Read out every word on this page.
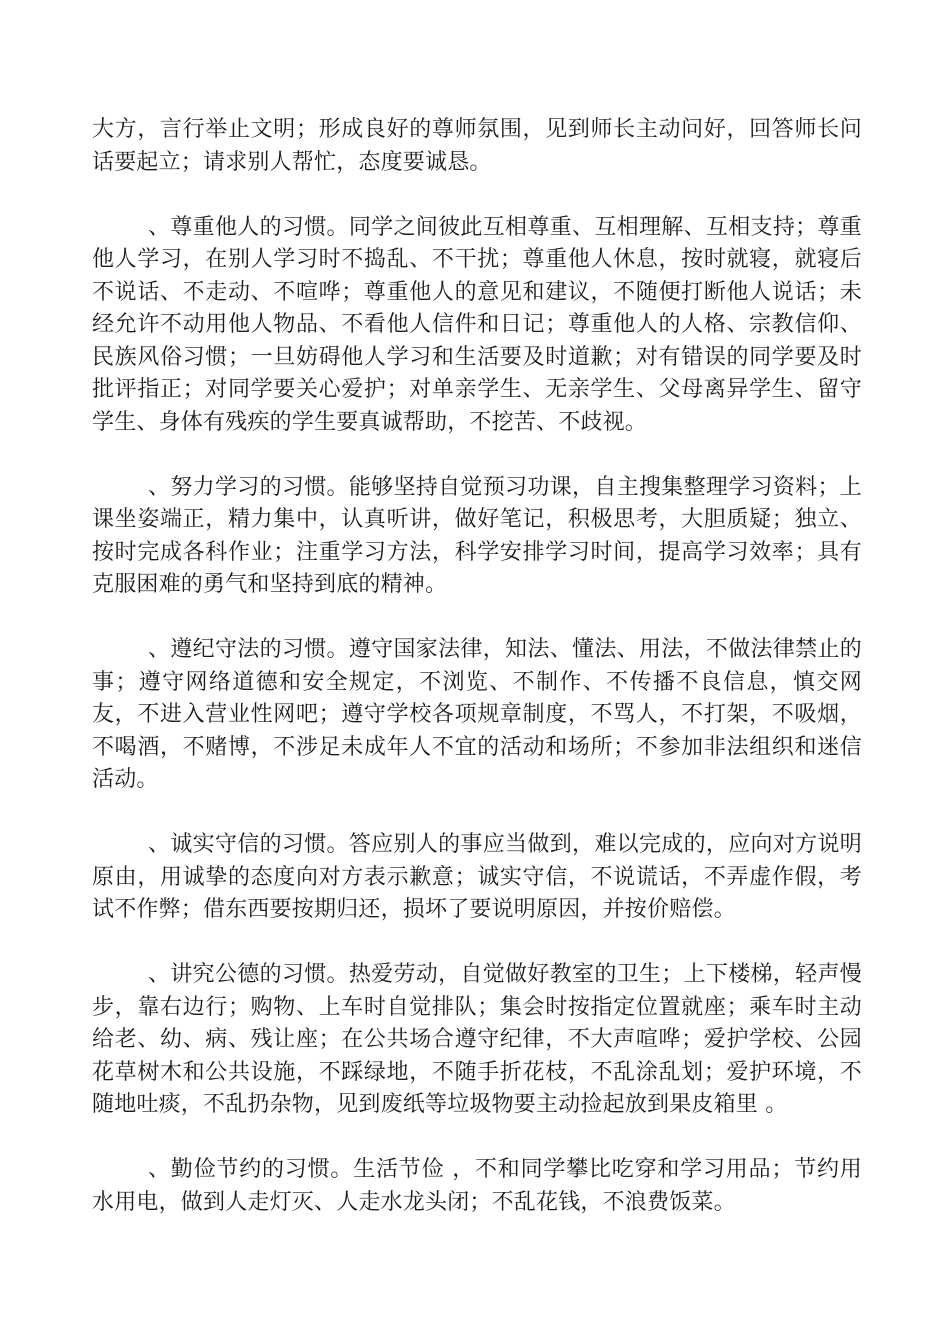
大方，言行举止文明；形成良好的尊师氛围，见到师长主动问好，回答师长问话要起立；请求别人帮忙，态度要诚恳。

、尊重他人的习惯。同学之间彼此互相尊重、互相理解、互相支持；尊重他人学习，在别人学习时不捣乱、不干扰；尊重他人休息，按时就寝，就寝后不说话、不走动、不喧哗；尊重他人的意见和建议，不随便打断他人说话；未经允许不动用他人物品、不看他人信件和日记；尊重他人的人格、宗教信仰、民族风俗习惯；一旦妨碍他人学习和生活要及时道歉；对有错误的同学要及时批评指正；对同学要关心爱护；对单亲学生、无亲学生、父母离异学生、留守学生、身体有残疾的学生要真诚帮助，不挖苦、不歧视。

、努力学习的习惯。能够坚持自觉预习功课，自主搜集整理学习资料；上课坐姿端正，精力集中，认真听讲，做好笔记，积极思考，大胆质疑；独立、按时完成各科作业；注重学习方法，科学安排学习时间，提高学习效率；具有克服困难的勇气和坚持到底的精神。

、遵纪守法的习惯。遵守国家法律，知法、懂法、用法，不做法律禁止的事；遵守网络道德和安全规定，不浏览、不制作、不传播不良信息，慎交网友，不进入营业性网吧；遵守学校各项规章制度，不骂人，不打架，不吸烟，不喝酒，不赌博，不涉足未成年人不宜的活动和场所；不参加非法组织和迷信活动。

、诚实守信的习惯。答应别人的事应当做到，难以完成的，应向对方说明原由，用诚挚的态度向对方表示歉意；诚实守信，不说谎话，不弄虚作假，考试不作弊；借东西要按期归还，损坏了要说明原因，并按价赔偿。

、讲究公德的习惯。热爱劳动，自觉做好教室的卫生；上下楼梯，轻声慢步，靠右边行；购物、上车时自觉排队；集会时按指定位置就座；乘车时主动给老、幼、病、残让座；在公共场合遵守纪律，不大声喧哗；爱护学校、公园花草树木和公共设施，不踩绿地，不随手折花枝，不乱涂乱划；爱护环境，不随地吐痰，不乱扔杂物，见到废纸等垃圾物要主动捡起放到果皮箱里 。

、勤俭节约的习惯。生活节俭 ，不和同学攀比吃穿和学习用品；节约用水用电，做到人走灯灭、人走水龙头闭；不乱花钱，不浪费饭菜。
